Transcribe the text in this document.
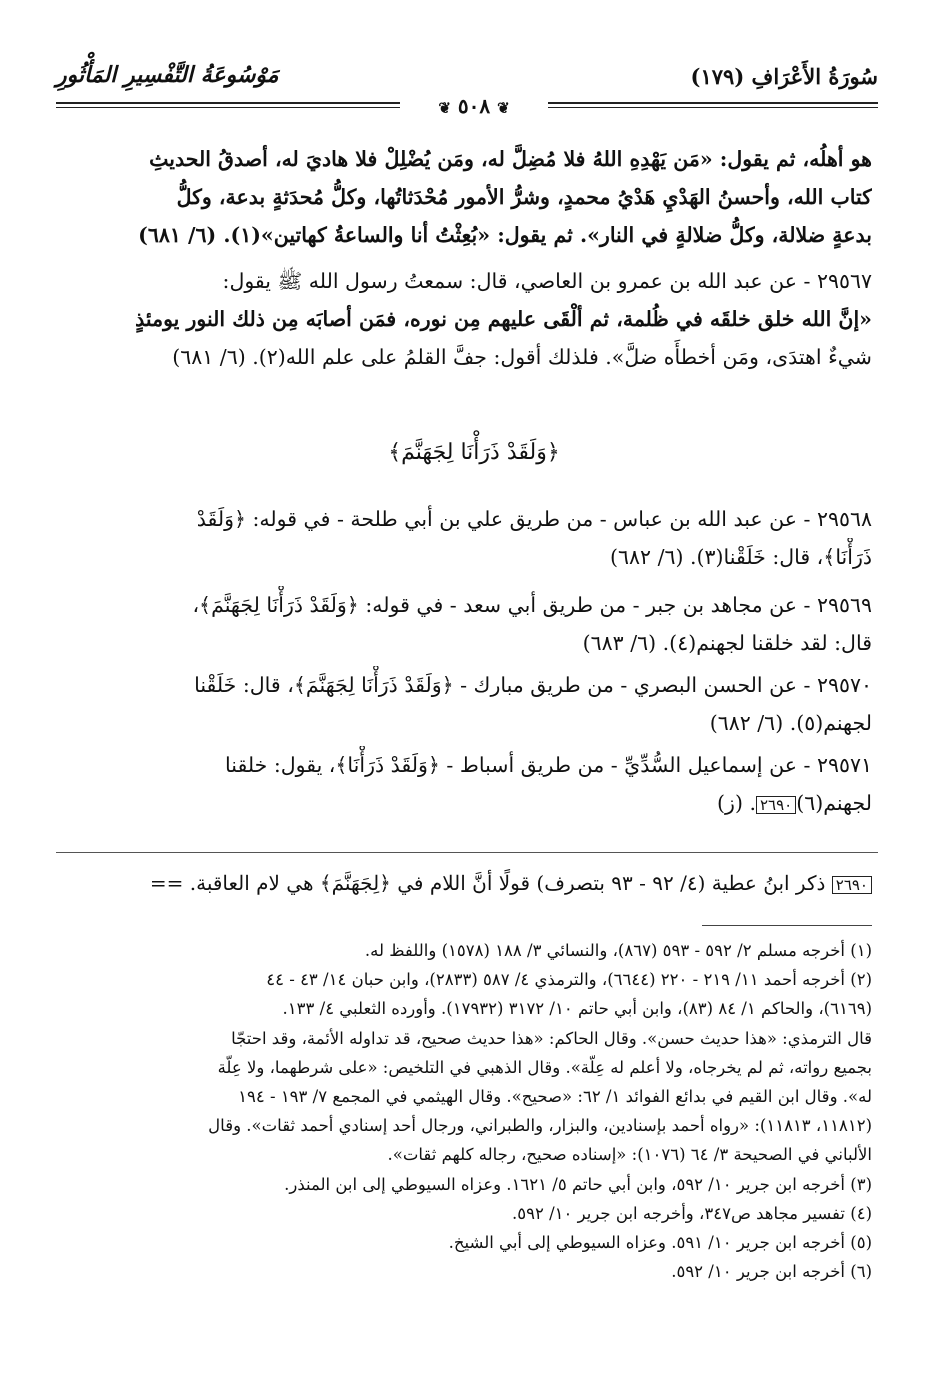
سُورَةُ الأَعْرَافِ (١٧٩)
مَوْسُوعَةُ التَّفْسِيرِ المَأْثُورِ
❦ ٥٠٨ ❦

هو أهلُه، ثم يقول: «مَن يَهْدِهِ اللهُ فلا مُضِلَّ له، ومَن يُضْلِلْ فلا هاديَ له، أصدقُ الحديثِ

كتاب الله، وأحسنُ الهَدْيِ هَدْيُ محمدٍ، وشرُّ الأمور مُحْدَثاتُها، وكلُّ مُحدَثةٍ بدعة، وكلُّ

بدعةٍ ضلالة، وكلُّ ضلالةٍ في النار». ثم يقول: «بُعِثْتُ أنا والساعةُ كهاتين»(١). (٦/ ٦٨١)

٢٩٥٦٧ - عن عبد الله بن عمرو بن العاصي، قال: سمعتُ رسول الله ﷺ يقول:

«إنَّ الله خلق خلقَه في ظُلمة، ثم ألْقَى عليهم مِن نوره، فمَن أصابَه مِن ذلك النور يومئذٍ

شيءٌ اهتدَى، ومَن أخطأَه ضلَّ». فلذلك أقول: جفَّ القلمُ على علم الله(٢). (٦/ ٦٨١)

﴿وَلَقَدْ ذَرَأْنَا لِجَهَنَّمَ﴾

٢٩٥٦٨ - عن عبد الله بن عباس - من طريق علي بن أبي طلحة - في قوله: ﴿وَلَقَدْ

ذَرَأْنَا﴾، قال: خَلَقْنا(٣). (٦/ ٦٨٢)

٢٩٥٦٩ - عن مجاهد بن جبر - من طريق أبي سعد - في قوله: ﴿وَلَقَدْ ذَرَأْنَا لِجَهَنَّمَ﴾،

قال: لقد خلقنا لجهنم(٤). (٦/ ٦٨٣)

٢٩٥٧٠ - عن الحسن البصري - من طريق مبارك - ﴿وَلَقَدْ ذَرَأْنَا لِجَهَنَّمَ﴾، قال: خَلَقْنا

لجهنم(٥). (٦/ ٦٨٢)

٢٩٥٧١ - عن إسماعيل السُّدِّيِّ - من طريق أسباط - ﴿وَلَقَدْ ذَرَأْنَا﴾، يقول: خلقنا

لجهنم(٦)٢٦٩٠. (ز)

٢٦٩٠ ذكر ابنُ عطية (٤/ ٩٢ - ٩٣ بتصرف) قولًا أنَّ اللام في ﴿لِجَهَنَّمَ﴾ هي لام العاقبة. ==

(١) أخرجه مسلم ٢/ ٥٩٢ - ٥٩٣ (٨٦٧)، والنسائي ٣/ ١٨٨ (١٥٧٨) واللفظ له.

(٢) أخرجه أحمد ١١/ ٢١٩ - ٢٢٠ (٦٦٤٤)، والترمذي ٤/ ٥٨٧ (٢٨٣٣)، وابن حبان ١٤/ ٤٣ - ٤٤

(٦١٦٩)، والحاكم ١/ ٨٤ (٨٣)، وابن أبي حاتم ١٠/ ٣١٧٢ (١٧٩٣٢). وأورده الثعلبي ٤/ ١٣٣.

قال الترمذي: «هذا حديث حسن». وقال الحاكم: «هذا حديث صحيح، قد تداوله الأئمة، وقد احتجّا

بجميع رواته، ثم لم يخرجاه، ولا أعلم له عِلّة». وقال الذهبي في التلخيص: «على شرطهما، ولا عِلّة

له». وقال ابن القيم في بدائع الفوائد ١/ ٦٢: «صحيح». وقال الهيثمي في المجمع ٧/ ١٩٣ - ١٩٤

(١١٨١٢، ١١٨١٣): «رواه أحمد بإسنادين، والبزار، والطبراني، ورجال أحد إسنادي أحمد ثقات». وقال

الألباني في الصحيحة ٣/ ٦٤ (١٠٧٦): «إسناده صحيح، رجاله كلهم ثقات».

(٣) أخرجه ابن جرير ١٠/ ٥٩٢، وابن أبي حاتم ٥/ ١٦٢١. وعزاه السيوطي إلى ابن المنذر.

(٤) تفسير مجاهد ص٣٤٧، وأخرجه ابن جرير ١٠/ ٥٩٢.

(٥) أخرجه ابن جرير ١٠/ ٥٩١. وعزاه السيوطي إلى أبي الشيخ.

(٦) أخرجه ابن جرير ١٠/ ٥٩٢.
